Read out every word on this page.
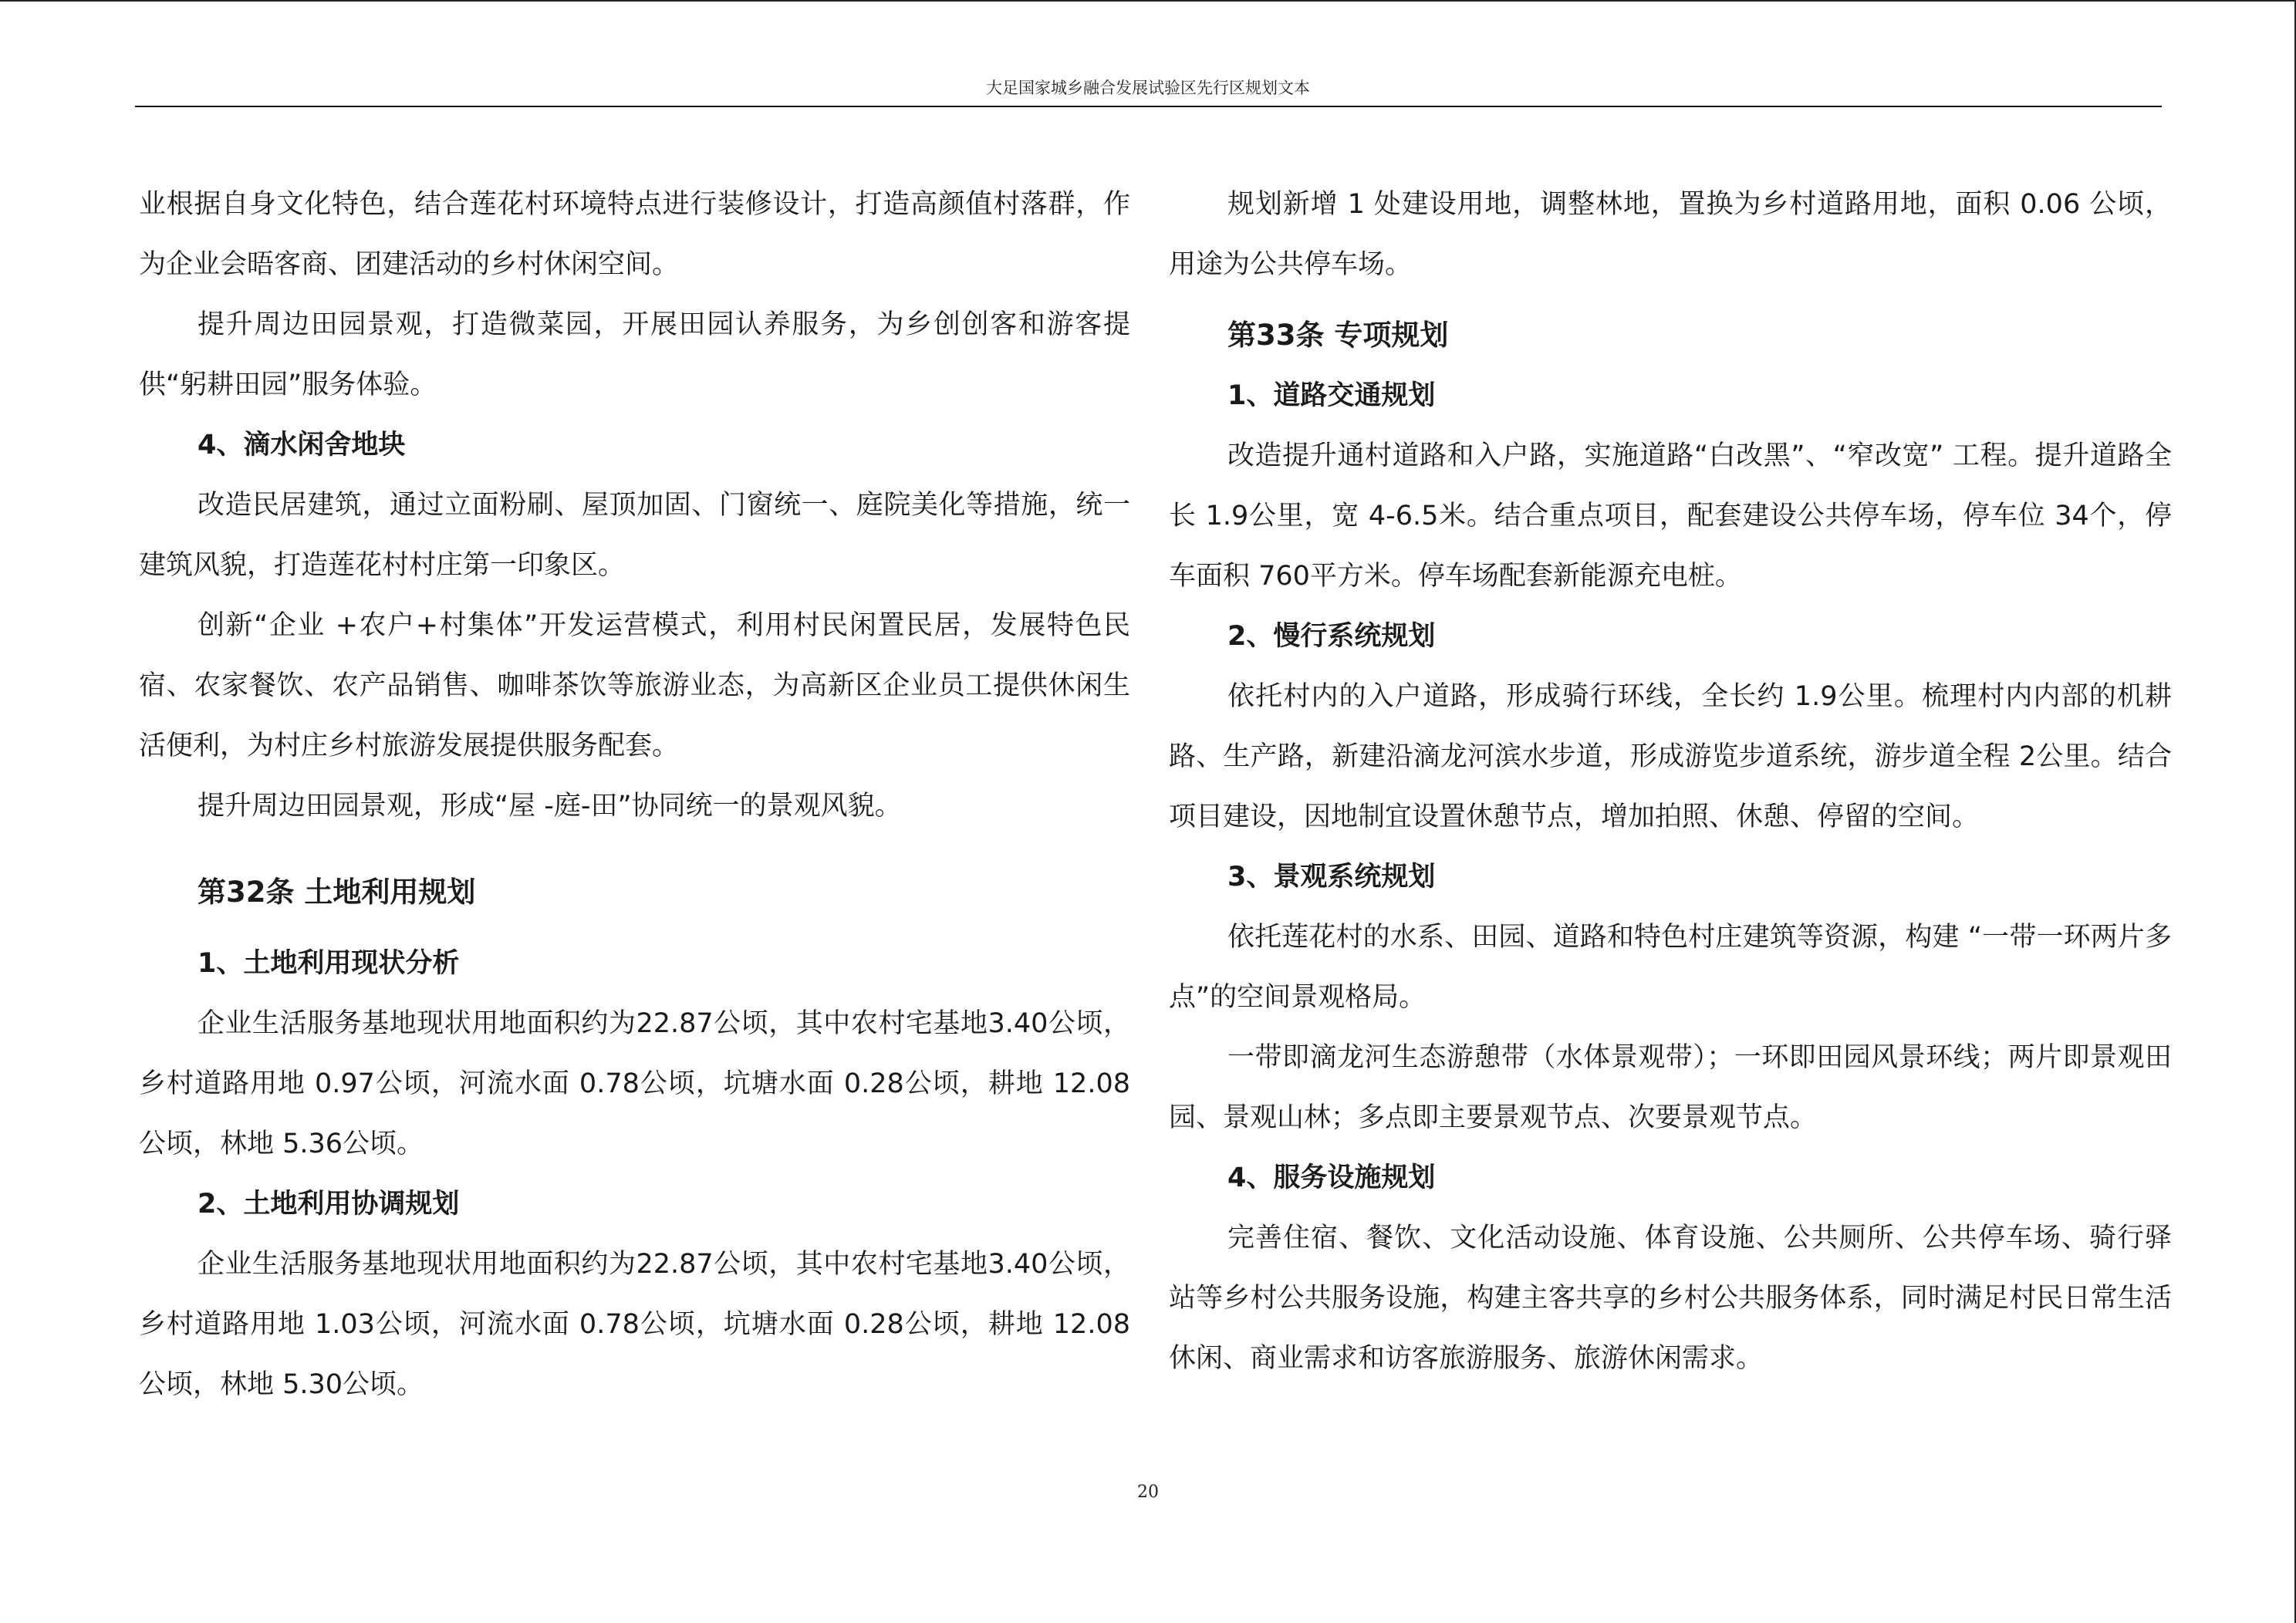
大足国家城乡融合发展试验区先行区规划文本

业根据自身文化特色，结合莲花村环境特点进行装修设计，打造高颜值村落群，作为企业会晤客商、团建活动的乡村休闲空间。

提升周边田园景观，打造微菜园，开展田园认养服务，为乡创创客和游客提供“躬耕田园”服务体验。

4、滴水闲舍地块

改造民居建筑，通过立面粉刷、屋顶加固、门窗统一、庭院美化等措施，统一建筑风貌，打造莲花村村庄第一印象区。

创新“企业 +农户+村集体”开发运营模式，利用村民闲置民居，发展特色民宿、农家餐饮、农产品销售、咖啡茶饮等旅游业态，为高新区企业员工提供休闲生活便利，为村庄乡村旅游发展提供服务配套。

提升周边田园景观，形成“屋 -庭-田”协同统一的景观风貌。

第32条 土地利用规划

1、土地利用现状分析

企业生活服务基地现状用地面积约为22.87公顷，其中农村宅基地3.40公顷，乡村道路用地 0.97公顷，河流水面 0.78公顷，坑塘水面 0.28公顷，耕地 12.08公顷，林地 5.36公顷。

2、土地利用协调规划

企业生活服务基地现状用地面积约为22.87公顷，其中农村宅基地3.40公顷，乡村道路用地 1.03公顷，河流水面 0.78公顷，坑塘水面 0.28公顷，耕地 12.08公顷，林地 5.30公顷。

规划新增 1 处建设用地，调整林地，置换为乡村道路用地，面积 0.06 公顷，用途为公共停车场。

第33条 专项规划

1、道路交通规划

改造提升通村道路和入户路，实施道路“白改黑”、“窄改宽” 工程。提升道路全长 1.9公里，宽 4-6.5米。结合重点项目，配套建设公共停车场，停车位 34个，停车面积 760平方米。停车场配套新能源充电桩。

2、慢行系统规划

依托村内的入户道路，形成骑行环线，全长约 1.9公里。梳理村内内部的机耕路、生产路，新建沿滴龙河滨水步道，形成游览步道系统，游步道全程 2公里。结合项目建设，因地制宜设置休憩节点，增加拍照、休憩、停留的空间。

3、景观系统规划

依托莲花村的水系、田园、道路和特色村庄建筑等资源，构建 “一带一环两片多点”的空间景观格局。

一带即滴龙河生态游憩带（水体景观带）；一环即田园风景环线；两片即景观田园、景观山林；多点即主要景观节点、次要景观节点。

4、服务设施规划

完善住宿、餐饮、文化活动设施、体育设施、公共厕所、公共停车场、骑行驿站等乡村公共服务设施，构建主客共享的乡村公共服务体系，同时满足村民日常生活休闲、商业需求和访客旅游服务、旅游休闲需求。

20
